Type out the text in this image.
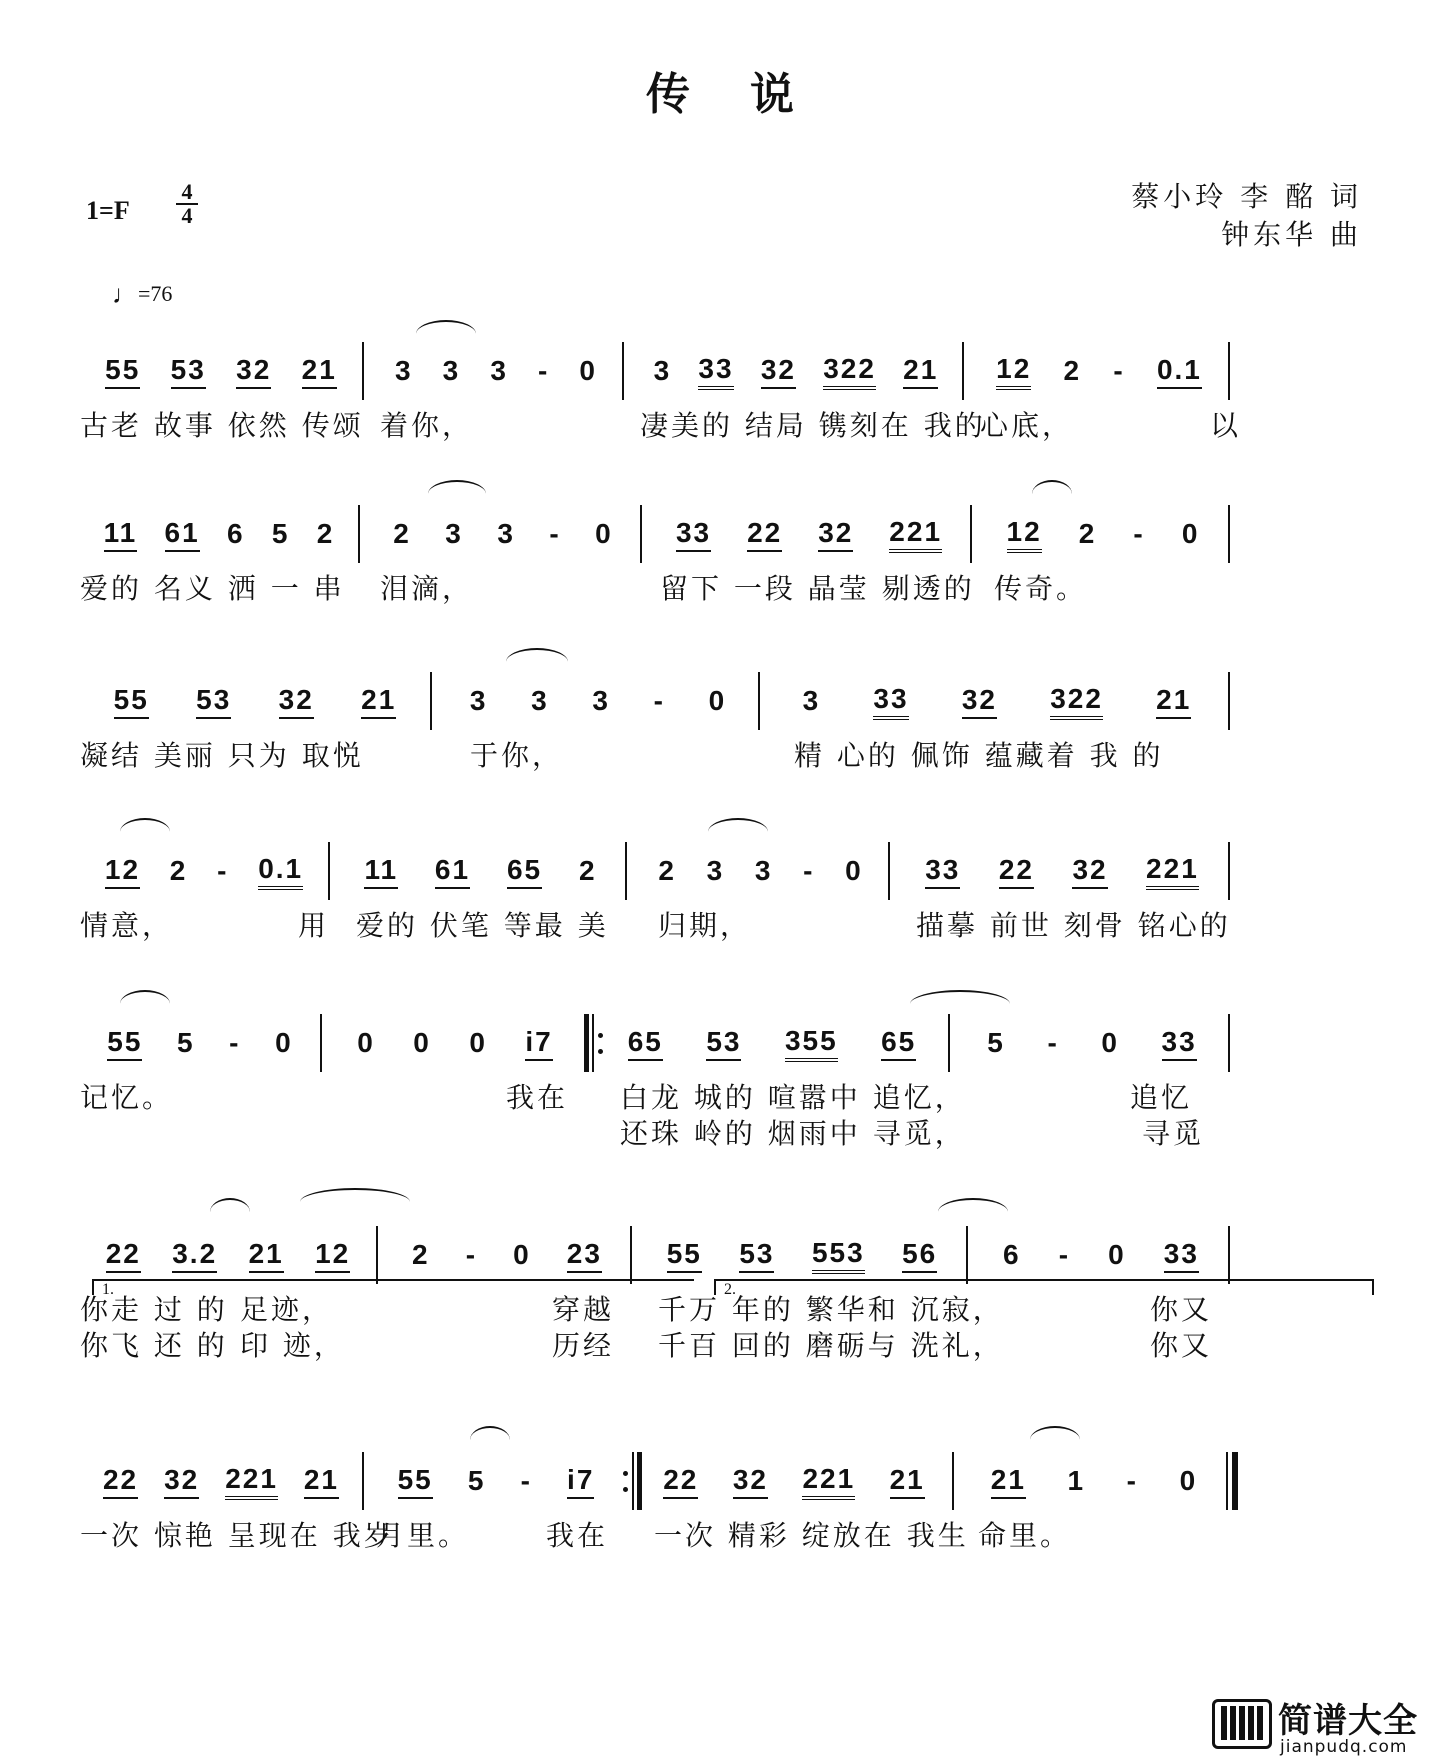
传说
1=F
4
4
蔡小玲 李 酩 词
钟东华 曲
♩=76
55 53 32 21 3 3 3 - 0 3 33 32 322 21 12 2 - 0.1
古老 故事 依然 传颂 着你，	凄美的 结局 镌刻在 我的
心底，	以
11 61 6 5 2 2 3 3 - 0 33 22 32 221 12 2 - 0
爱的 名义 洒 一 串 泪滴，	留下 一段 晶莹 剔透的 传奇。
55 53 32 21	3 3 3 - 0	3 33 32 322 21
凝结 美丽 只为 取悦	于你，	精 心的 佩饰 蕴藏着 我 的
12 2 - 0.1 11 61 65 2 2 3 3 - 0 33 22 32 221
情意，	用 爱的 伏笔 等最 美 归期，	描摹 前世 刻骨 铭心的
55 5 - 0 0 0 0 i7	65 53 355 65	5 - 0 33
记忆。	我在 白龙 城的 喧嚣中 追忆，	追忆
还珠 岭的 烟雨中 寻觅，	寻觅
22 3.2 21 12 2 - 0 23 55 53 553 56 6 - 0 33
你走 过 的 足迹，	穿越 千万 年的 繁华和 沉寂，	你又
你飞 还 的 印 迹，	历经 千百 回的 磨砺与 洗礼，	你又
22 32 221 21 55 5 - i7 22 32 221 21 21 1 - 0
一次 惊艳 呈现在 我岁
月里。	我在 一次 精彩 绽放在 我生 命里。
1.	2.
简谱大全
jianpudq.com
